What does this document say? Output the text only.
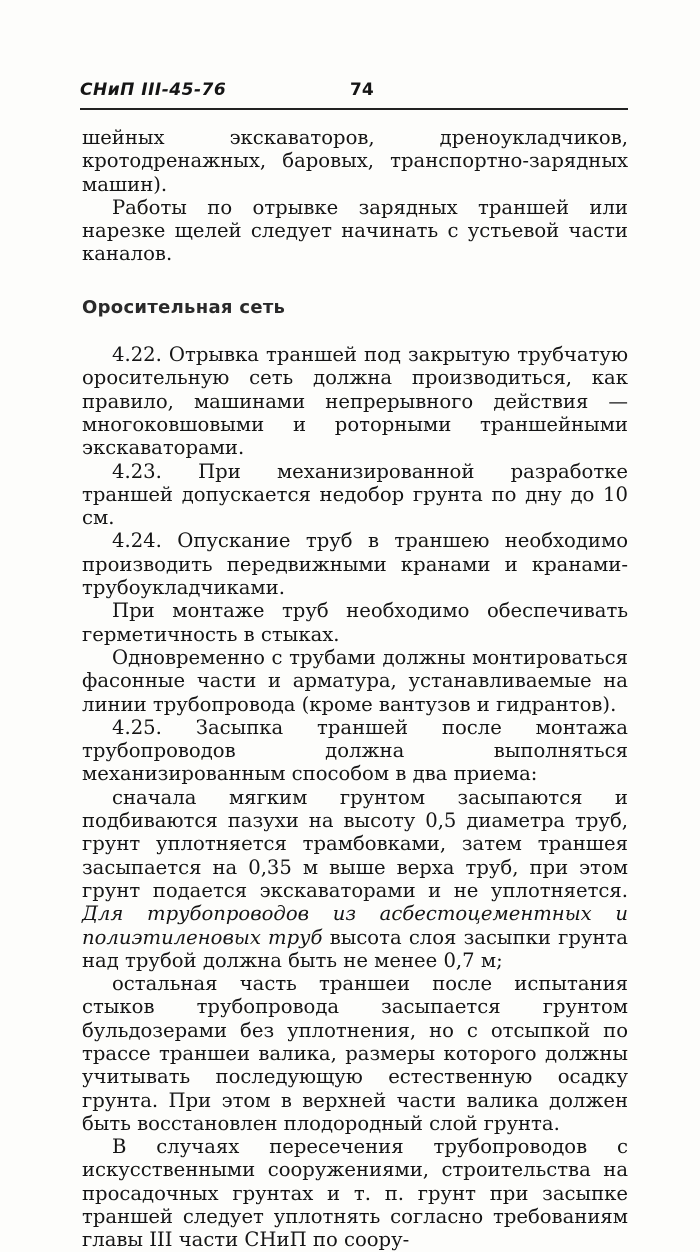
СНиП III-45-76	74

шейных экскаваторов, дреноукладчиков, кротодренажных, баровых, транспортно-зарядных машин).

Работы по отрывке зарядных траншей или нарезке щелей следует начинать с устьевой части каналов.

Оросительная сеть

4.22. Отрывка траншей под закрытую трубчатую оросительную сеть должна производиться, как правило, машинами непрерывного действия — многоковшовыми и роторными траншейными экскаваторами.

4.23. При механизированной разработке траншей допускается недобор грунта по дну до 10 см.

4.24. Опускание труб в траншею необходимо производить передвижными кранами и кранами-трубоукладчиками.

При монтаже труб необходимо обеспечивать герметичность в стыках.

Одновременно с трубами должны монтироваться фасонные части и арматура, устанавливаемые на линии трубопровода (кроме вантузов и гидрантов).

4.25. Засыпка траншей после монтажа трубопроводов должна выполняться механизированным способом в два приема:

сначала мягким грунтом засыпаются и подбиваются пазухи на высоту 0,5 диаметра труб, грунт уплотняется трамбовками, затем траншея засыпается на 0,35 м выше верха труб, при этом грунт подается экскаваторами и не уплотняется. Для трубопроводов из асбестоцементных и полиэтиленовых труб высота слоя засыпки грунта над трубой должна быть не менее 0,7 м;

остальная часть траншеи после испытания стыков трубопровода засыпается грунтом бульдозерами без уплотнения, но с отсыпкой по трассе траншеи валика, размеры которого должны учитывать последующую естественную осадку грунта. При этом в верхней части валика должен быть восстановлен плодородный слой грунта.

В случаях пересечения трубопроводов с искусственными сооружениями, строительства на просадочных грунтах и т. п. грунт при засыпке траншей следует уплотнять согласно требованиям главы III части СНиП по соору-
